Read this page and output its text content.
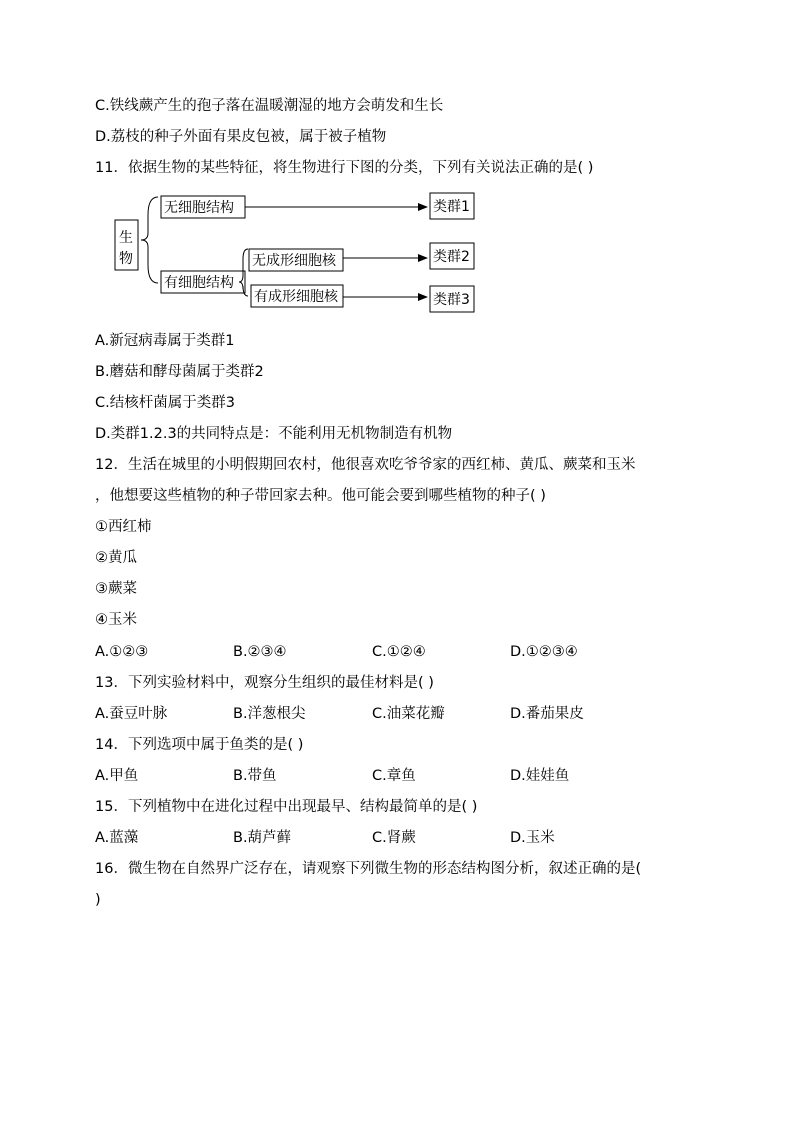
C.铁线蕨产生的孢子落在温暖潮湿的地方会萌发和生长
D.荔枝的种子外面有果皮包被，属于被子植物
11．依据生物的某些特征，将生物进行下图的分类，下列有关说法正确的是( )
生
物
无细胞结构
有细胞结构
无成形细胞核
有成形细胞核
类群1
类群2
类群3
A.新冠病毒属于类群1
B.蘑菇和酵母菌属于类群2
C.结核杆菌属于类群3
D.类群1.2.3的共同特点是：不能利用无机物制造有机物
12．生活在城里的小明假期回农村，他很喜欢吃爷爷家的西红柿、黄瓜、蕨菜和玉米
，他想要这些植物的种子带回家去种。他可能会要到哪些植物的种子( )
①西红柿
②黄瓜
③蕨菜
④玉米
A.①②③	B.②③④	C.①②④	D.①②③④
13．下列实验材料中，观察分生组织的最佳材料是( )
A.蚕豆叶脉	B.洋葱根尖	C.油菜花瓣	D.番茄果皮
14．下列选项中属于鱼类的是( )
A.甲鱼	B.带鱼	C.章鱼	D.娃娃鱼
15．下列植物中在进化过程中出现最早、结构最简单的是( )
A.蓝藻	B.葫芦藓	C.肾蕨	D.玉米
16．微生物在自然界广泛存在，请观察下列微生物的形态结构图分析，叙述正确的是(
)
